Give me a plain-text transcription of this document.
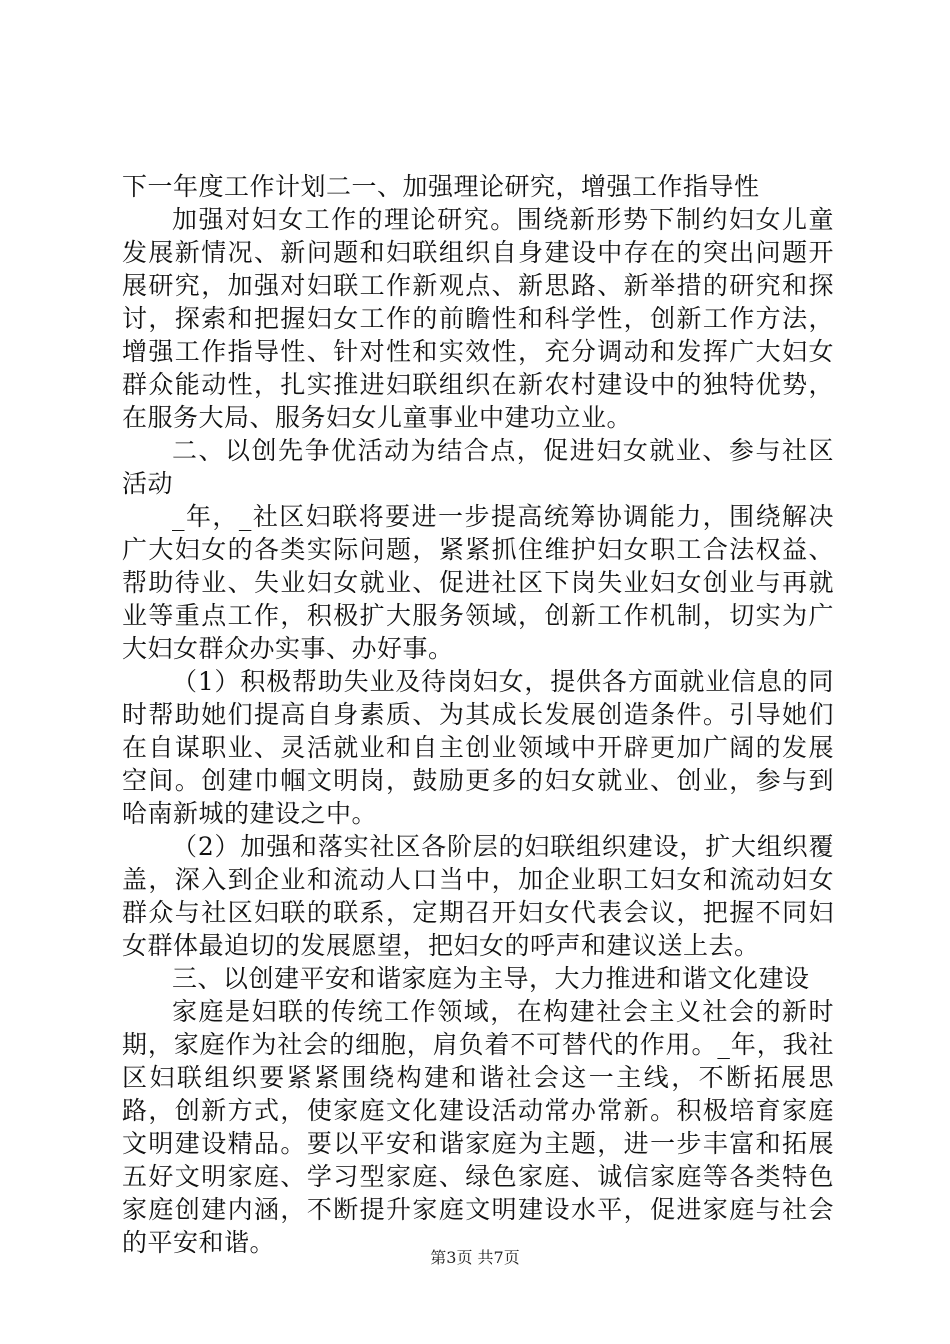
下一年度工作计划二一、加强理论研究，增强工作指导性

加强对妇女工作的理论研究。围绕新形势下制约妇女儿童发展新情况、新问题和妇联组织自身建设中存在的突出问题开展研究，加强对妇联工作新观点、新思路、新举措的研究和探讨，探索和把握妇女工作的前瞻性和科学性，创新工作方法，增强工作指导性、针对性和实效性，充分调动和发挥广大妇女群众能动性，扎实推进妇联组织在新农村建设中的独特优势，在服务大局、服务妇女儿童事业中建功立业。

二、以创先争优活动为结合点，促进妇女就业、参与社区活动

_年，_社区妇联将要进一步提高统筹协调能力，围绕解决广大妇女的各类实际问题，紧紧抓住维护妇女职工合法权益、帮助待业、失业妇女就业、促进社区下岗失业妇女创业与再就业等重点工作，积极扩大服务领域，创新工作机制，切实为广大妇女群众办实事、办好事。

（1）积极帮助失业及待岗妇女，提供各方面就业信息的同时帮助她们提高自身素质、为其成长发展创造条件。引导她们在自谋职业、灵活就业和自主创业领域中开辟更加广阔的发展空间。创建巾帼文明岗，鼓励更多的妇女就业、创业，参与到哈南新城的建设之中。

（2）加强和落实社区各阶层的妇联组织建设，扩大组织覆盖，深入到企业和流动人口当中，加企业职工妇女和流动妇女群众与社区妇联的联系，定期召开妇女代表会议，把握不同妇女群体最迫切的发展愿望，把妇女的呼声和建议送上去。

三、以创建平安和谐家庭为主导，大力推进和谐文化建设

家庭是妇联的传统工作领域，在构建社会主义社会的新时期，家庭作为社会的细胞，肩负着不可替代的作用。_年，我社区妇联组织要紧紧围绕构建和谐社会这一主线，不断拓展思路，创新方式，使家庭文化建设活动常办常新。积极培育家庭文明建设精品。要以平安和谐家庭为主题，进一步丰富和拓展五好文明家庭、学习型家庭、绿色家庭、诚信家庭等各类特色家庭创建内涵，不断提升家庭文明建设水平，促进家庭与社会的平安和谐。

第3页 共7页
